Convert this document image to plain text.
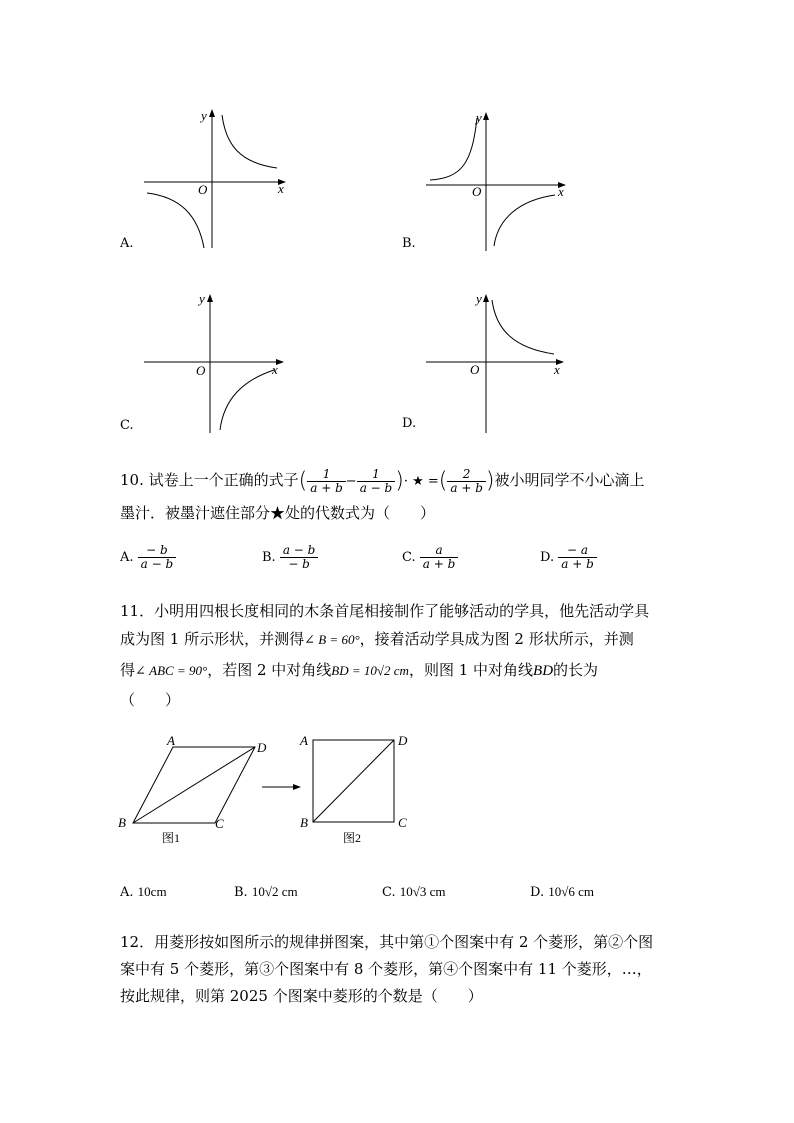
y
x
O
A.
y
x
O
B.
y
x
O
C.
y
x
O
D.
10. 试卷上一个正确的式子( $\frac{1}{a + b} - \frac{1}{a - b}$ )· ★ =( $\frac{2}{a + b}$ )被小明同学不小心滴上
墨汁．被墨汁遮住部分★处的代数式为（　　）
A. $\frac{- b}{a - b}$	B. $\frac{a - b}{- b}$	C. $\frac{a}{a + b}$	D. $\frac{- a}{a + b}$
11．小明用四根长度相同的木条首尾相接制作了能够活动的学具，他先活动学具
成为图 1 所示形状，并测得∠ B = 60°，接着活动学具成为图 2 形状所示，并测
得∠ ABC = 90°，若图 2 中对角线BD = 10√2 cm，则图 1 中对角线BD的长为
（　　）
A	D
B	C
图1
A	D
B	C
图2
A. 10cm	B. 10√2 cm	C. 10√3 cm	D. 10√6 cm
12．用菱形按如图所示的规律拼图案，其中第①个图案中有 2 个菱形，第②个图
案中有 5 个菱形，第③个图案中有 8 个菱形，第④个图案中有 11 个菱形，…，
按此规律，则第 2025 个图案中菱形的个数是（　　）
